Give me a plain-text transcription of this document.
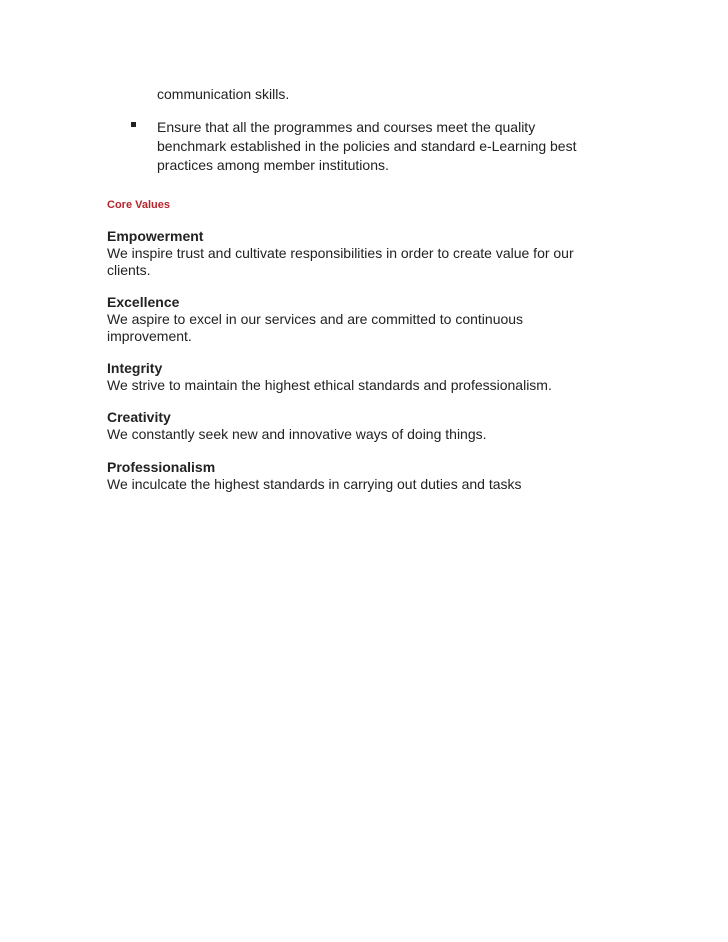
communication skills.

Ensure that all the programmes and courses meet the quality benchmark established in the policies and standard e-Learning best practices among member institutions.

Core Values
Empowerment
We inspire trust and cultivate responsibilities in order to create value for our clients.
Excellence
We aspire to excel in our services and are committed to continuous improvement.
Integrity
We strive to maintain the highest ethical standards and professionalism.
Creativity
We constantly seek new and innovative ways of doing things.
Professionalism
We inculcate the highest standards in carrying out duties and tasks
